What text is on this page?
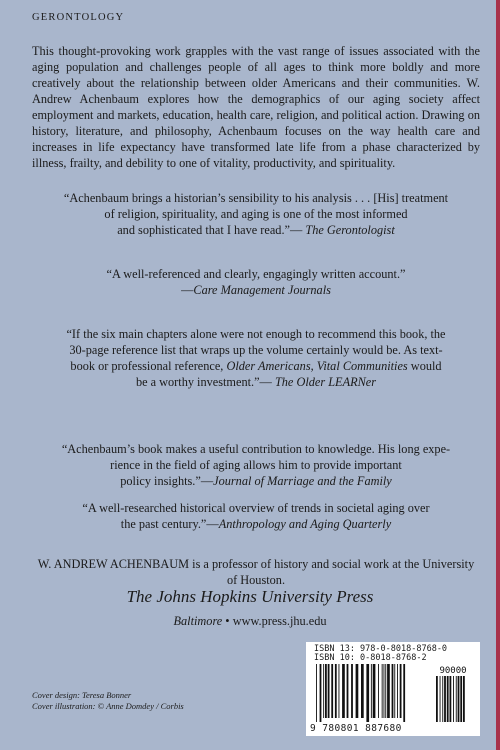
GERONTOLOGY

This thought-provoking work grapples with the vast range of issues associated with the aging population and challenges people of all ages to think more boldly and more creatively about the relationship between older Americans and their communities. W. Andrew Achenbaum explores how the demographics of our aging society affect employment and markets, education, health care, religion, and political action. Drawing on history, literature, and philosophy, Achenbaum focuses on the way health care and increases in life expectancy have transformed late life from a phase characterized by illness, frailty, and debility to one of vitality, productivity, and spirituality.

“Achenbaum brings a historian’s sensibility to his analysis . . . [His] treatment
of religion, spirituality, and aging is one of the most informed
and sophisticated that I have read.”— The Gerontologist

“A well-referenced and clearly, engagingly written account.”
—Care Management Journals

“If the six main chapters alone were not enough to recommend this book, the
30-page reference list that wraps up the volume certainly would be. As text-
book or professional reference, Older Americans, Vital Communities would
be a worthy investment.”— The Older LEARNer

“Achenbaum’s book makes a useful contribution to knowledge. His long expe-
rience in the field of aging allows him to provide important
policy insights.”—Journal of Marriage and the Family

“A well-researched historical overview of trends in societal aging over
the past century.”—Anthropology and Aging Quarterly

W. ANDREW ACHENBAUM is a professor of history and social work at the University of Houston.

The Johns Hopkins University Press
Baltimore • www.press.jhu.edu
Cover design: Teresa Bonner
Cover illustration: © Anne Domdey / Corbis
ISBN 13: 978-0-8018-8768-0
ISBN 10: 0-8018-8768-2
90000
9 780801 887680
